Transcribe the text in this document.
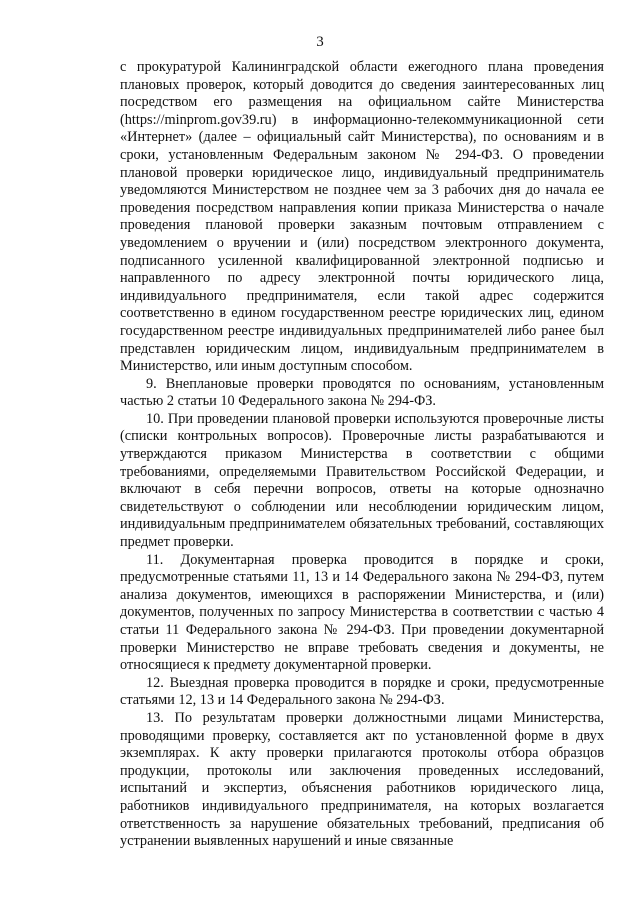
3

с прокуратурой Калининградской области ежегодного плана проведения плановых проверок, который доводится до сведения заинтересованных лиц посредством его размещения на официальном сайте Министерства (https://minprom.gov39.ru) в информационно-телекоммуникационной сети «Интернет» (далее – официальный сайт Министерства), по основаниям и в сроки, установленным Федеральным законом № 294-ФЗ. О проведении плановой проверки юридическое лицо, индивидуальный предприниматель уведомляются Министерством не позднее чем за 3 рабочих дня до начала ее проведения посредством направления копии приказа Министерства о начале проведения плановой проверки заказным почтовым отправлением с уведомлением о вручении и (или) посредством электронного документа, подписанного усиленной квалифицированной электронной подписью и направленного по адресу электронной почты юридического лица, индивидуального предпринимателя, если такой адрес содержится соответственно в едином государственном реестре юридических лиц, едином государственном реестре индивидуальных предпринимателей либо ранее был представлен юридическим лицом, индивидуальным предпринимателем в Министерство, или иным доступным способом.

9. Внеплановые проверки проводятся по основаниям, установленным частью 2 статьи 10 Федерального закона № 294-ФЗ.

10. При проведении плановой проверки используются проверочные листы (списки контрольных вопросов). Проверочные листы разрабатываются и утверждаются приказом Министерства в соответствии с общими требованиями, определяемыми Правительством Российской Федерации, и включают в себя перечни вопросов, ответы на которые однозначно свидетельствуют о соблюдении или несоблюдении юридическим лицом, индивидуальным предпринимателем обязательных требований, составляющих предмет проверки.

11. Документарная проверка проводится в порядке и сроки, предусмотренные статьями 11, 13 и 14 Федерального закона № 294-ФЗ, путем анализа документов, имеющихся в распоряжении Министерства, и (или) документов, полученных по запросу Министерства в соответствии с частью 4 статьи 11 Федерального закона № 294-ФЗ. При проведении документарной проверки Министерство не вправе требовать сведения и документы, не относящиеся к предмету документарной проверки.

12. Выездная проверка проводится в порядке и сроки, предусмотренные статьями 12, 13 и 14 Федерального закона № 294-ФЗ.

13. По результатам проверки должностными лицами Министерства, проводящими проверку, составляется акт по установленной форме в двух экземплярах. К акту проверки прилагаются протоколы отбора образцов продукции, протоколы или заключения проведенных исследований, испытаний и экспертиз, объяснения работников юридического лица, работников индивидуального предпринимателя, на которых возлагается ответственность за нарушение обязательных требований, предписания об устранении выявленных нарушений и иные связанные
